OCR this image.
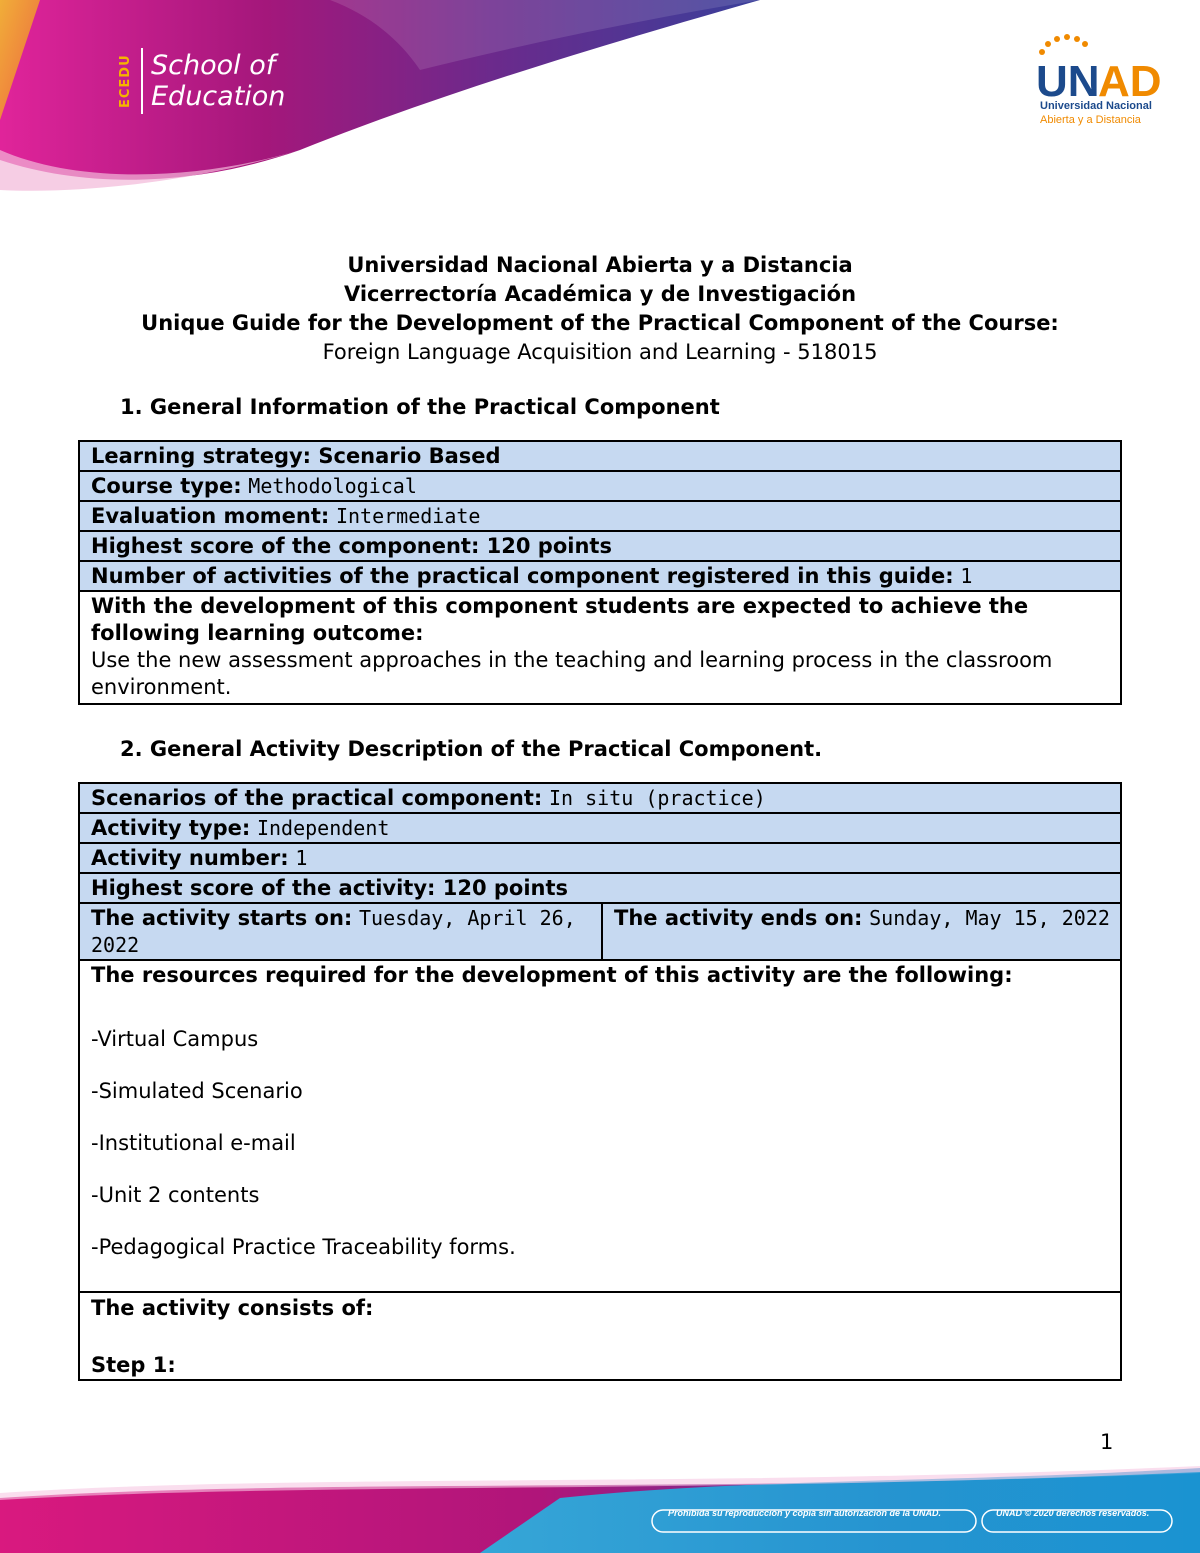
ECEDU School of
Education	UN
AD
Universidad Nacional
Abierta y a Distancia
Universidad Nacional Abierta y a Distancia
Vicerrectoría Académica y de Investigación
Unique Guide for the Development of the Practical Component of the Course:
Foreign Language Acquisition and Learning - 518015
1. General Information of the Practical Component
Learning strategy: Scenario Based
Course type: Methodological
Evaluation moment: Intermediate
Highest score of the component: 120 points
Number of activities of the practical component registered in this guide: 1

With the development of this component students are expected to achieve the following learning outcome:
Use the new assessment approaches in the teaching and learning process in the classroom environment.
2. General Activity Description of the Practical Component.
Scenarios of the practical component: In situ (practice)
Activity type: Independent
Activity number: 1
Highest score of the activity: 120 points
The activity starts on: Tuesday, April 26, 2022	The activity ends on: Sunday, May 15, 2022

The resources required for the development of this activity are the following:
-Virtual Campus
-Simulated Scenario
-Institutional e-mail
-Unit 2 contents
-Pedagogical Practice Traceability forms.

The activity consists of:
Step 1:
1
Prohibida su reproducción y copia sin autorización de la UNAD.	UNAD © 2020 derechos reservados.
